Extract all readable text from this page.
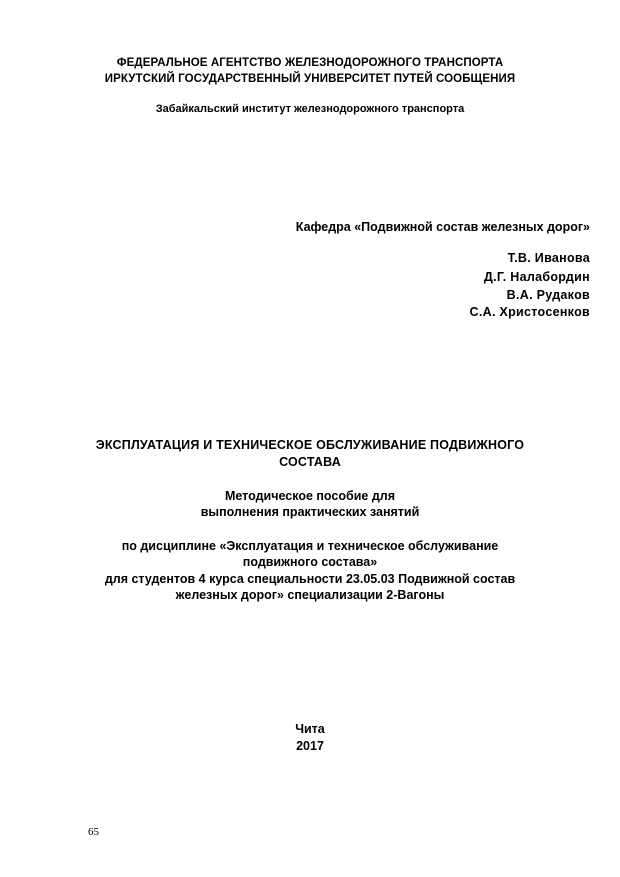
ФЕДЕРАЛЬНОЕ АГЕНТСТВО ЖЕЛЕЗНОДОРОЖНОГО ТРАНСПОРТА
ИРКУТСКИЙ ГОСУДАРСТВЕННЫЙ УНИВЕРСИТЕТ ПУТЕЙ СООБЩЕНИЯ
Забайкальский институт железнодорожного транспорта
Кафедра «Подвижной состав железных дорог»
Т.В. Иванова
Д.Г. Налабордин
В.А. Рудаков
С.А. Христосенков
ЭКСПЛУАТАЦИЯ И ТЕХНИЧЕСКОЕ ОБСЛУЖИВАНИЕ ПОДВИЖНОГО
СОСТАВА
Методическое пособие для
выполнения практических занятий
по дисциплине «Эксплуатация и техническое обслуживание
подвижного состава»
для студентов 4 курса специальности 23.05.03 Подвижной состав
железных дорог» специализации 2-Вагоны
Чита
2017
65
